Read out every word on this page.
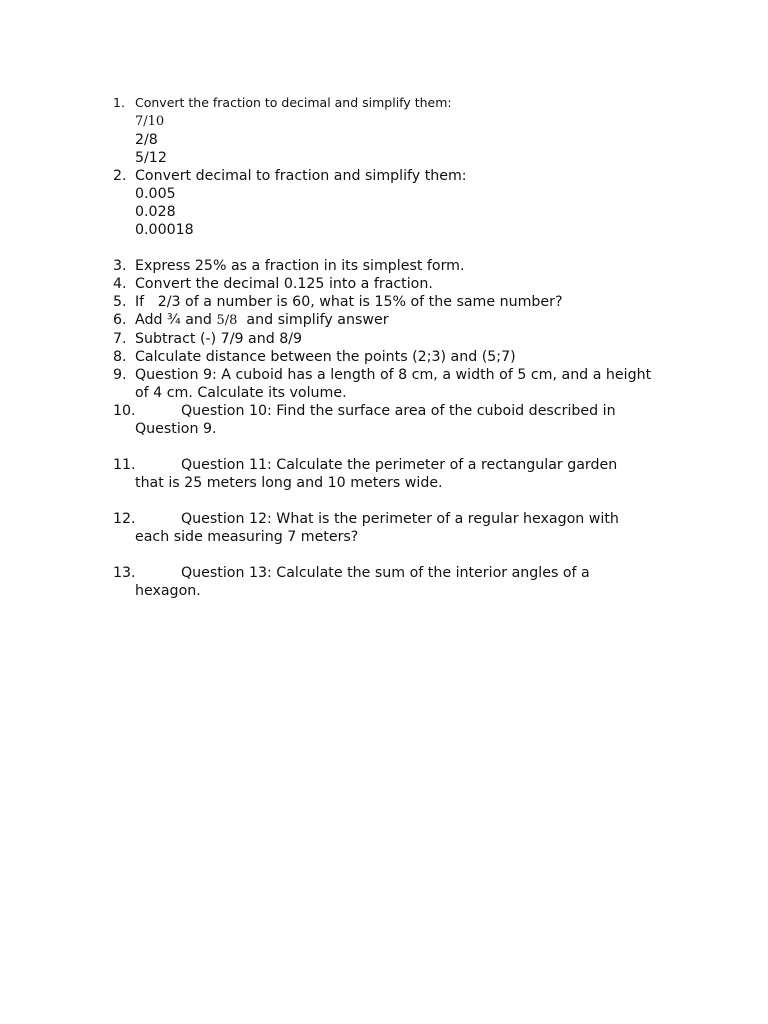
1. Convert the fraction to decimal and simplify them:
7/10
2/8
5/12
2. Convert decimal to fraction and simplify them:
0.005
0.028
0.00018
3. Express 25% as a fraction in its simplest form.
4. Convert the decimal 0.125 into a fraction.
5. If   2/3 of a number is 60, what is 15% of the same number?
6. Add ¾ and 5/8  and simplify answer
7. Subtract (-) 7/9 and 8/9
8. Calculate distance between the points (2;3) and (5;7)
9. Question 9: A cuboid has a length of 8 cm, a width of 5 cm, and a height of 4 cm. Calculate its volume.
10.	Question 10: Find the surface area of the cuboid described in
Question 9.
11.	Question 11: Calculate the perimeter of a rectangular garden
that is 25 meters long and 10 meters wide.
12.	Question 12: What is the perimeter of a regular hexagon with
each side measuring 7 meters?
13.	Question 13: Calculate the sum of the interior angles of a
hexagon.
